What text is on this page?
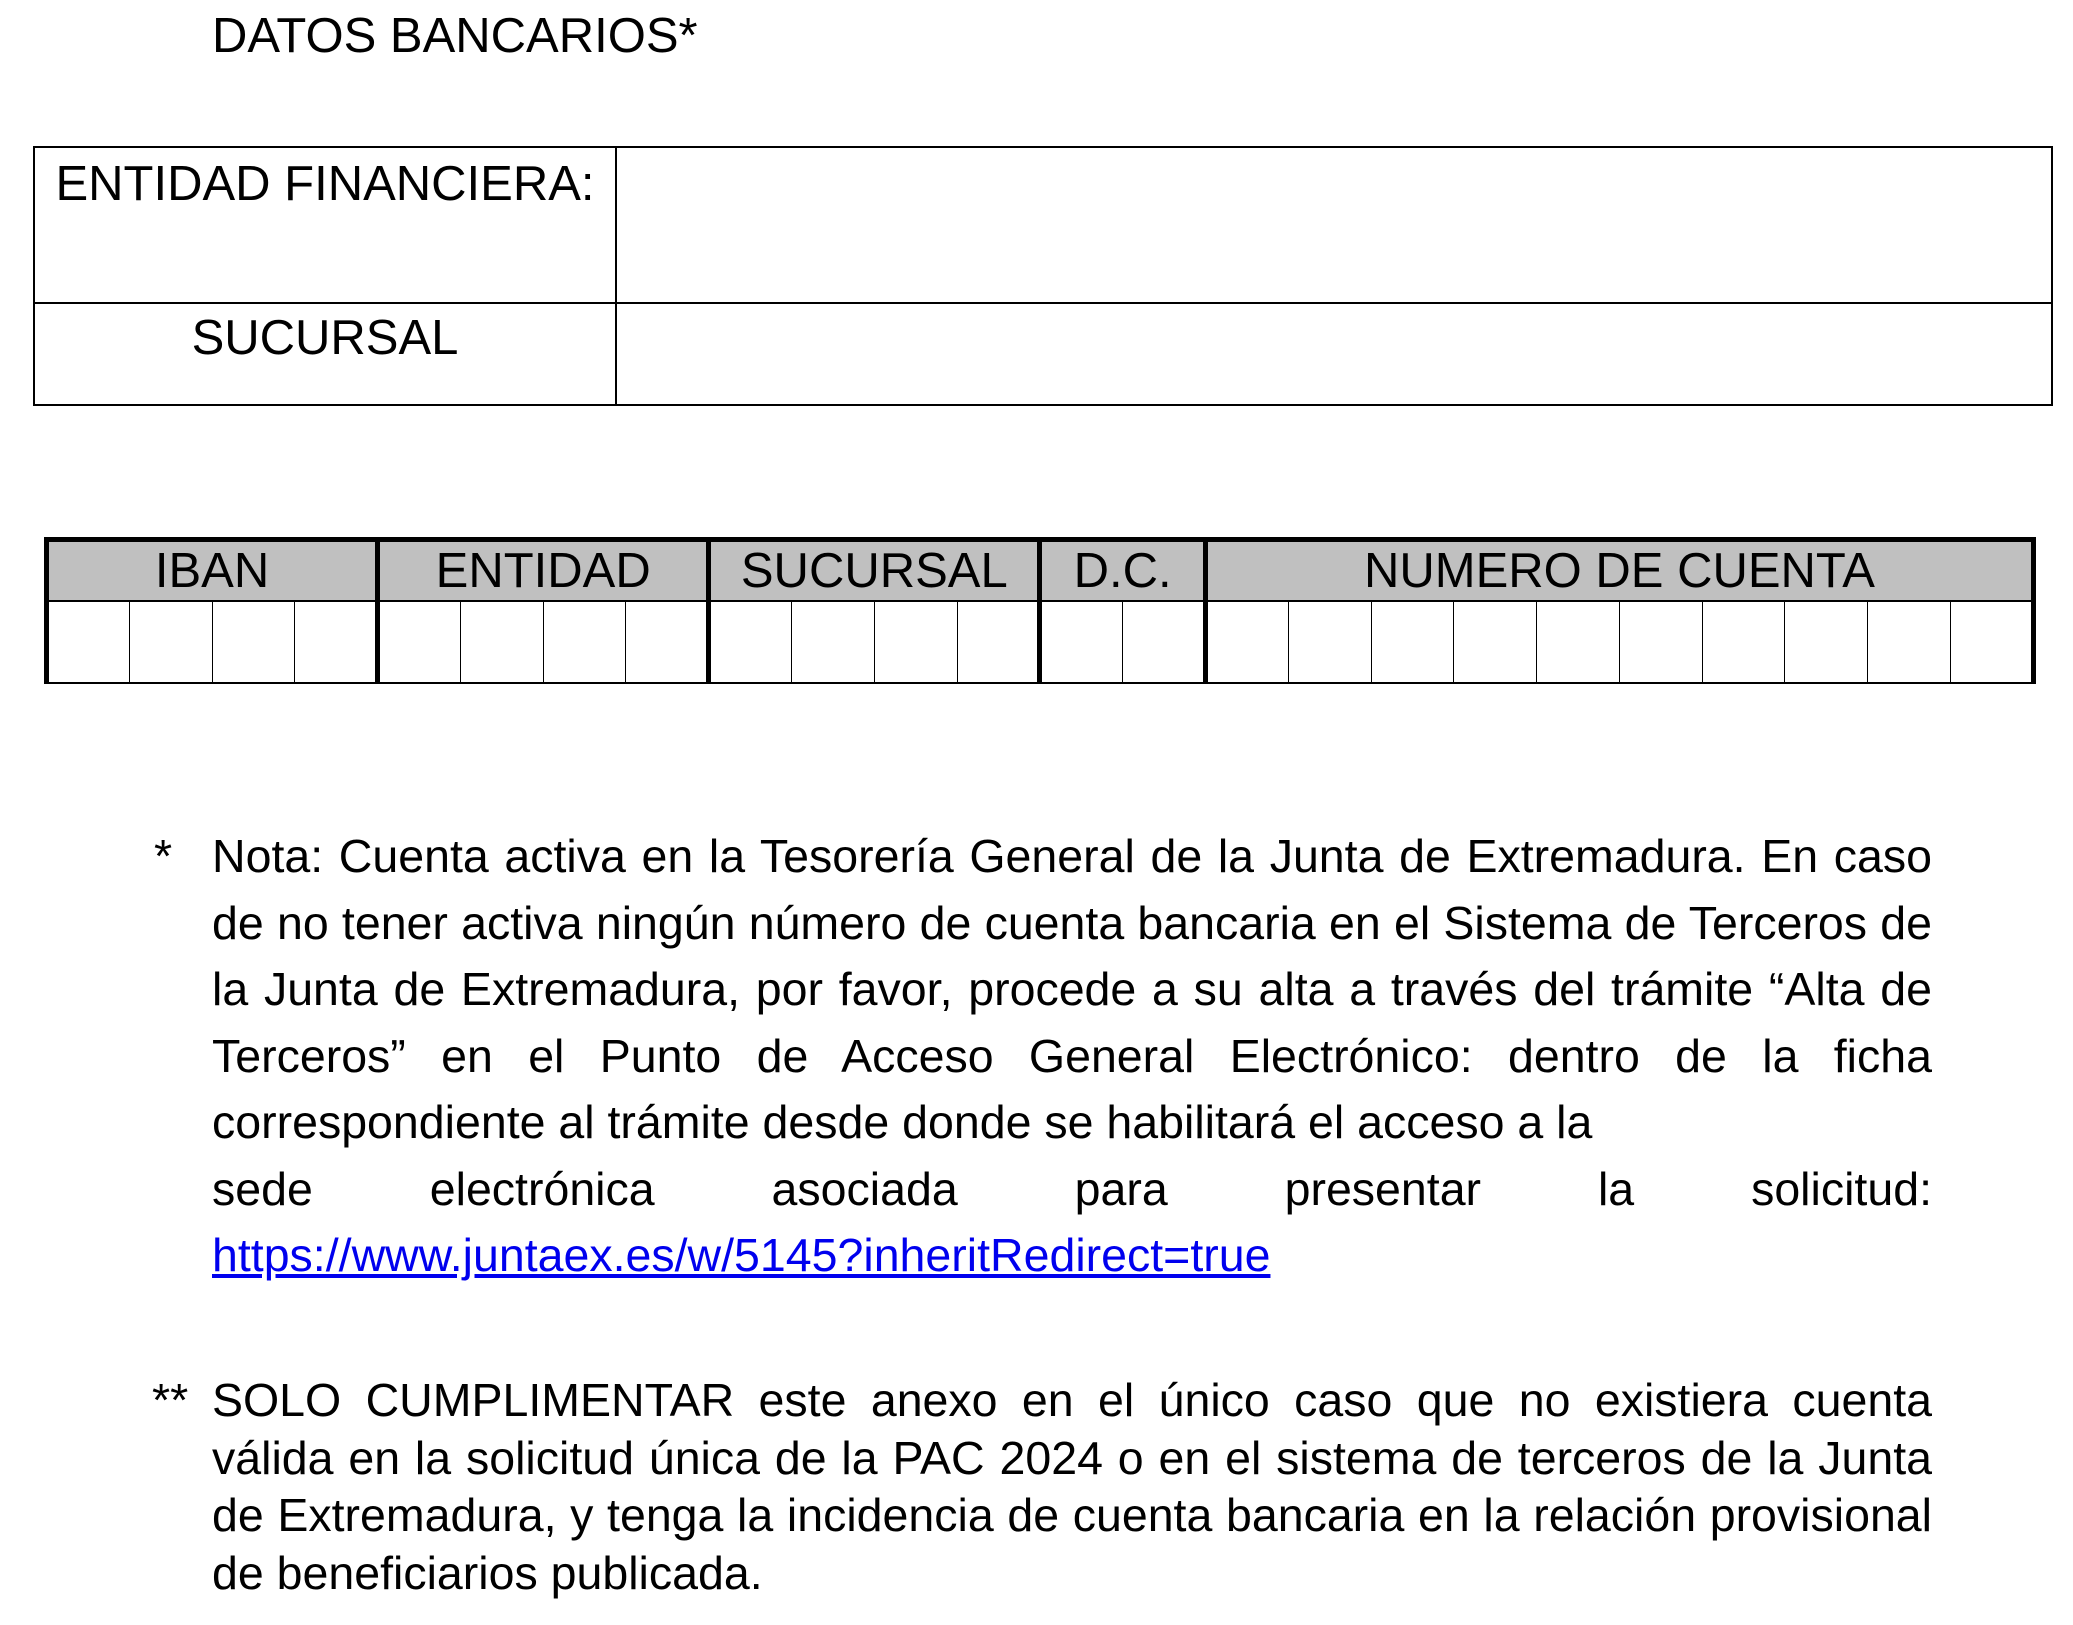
DATOS BANCARIOS*
ENTIDAD FINANCIERA:	
SUCURSAL	
IBAN				ENTIDAD				SUCURSAL				D.C.		NUMERO DE CUENTA									

* Nota: Cuenta activa en la Tesorería General de la Junta de Extremadura. En caso de no tener activa ningún número de cuenta bancaria en el Sistema de Terceros de la Junta de Extremadura, por favor, procede a su alta a través del trámite “Alta de Terceros” en el Punto de Acceso General Electrónico: dentro de la ficha correspondiente al trámite desde donde se habilitará el acceso a la
sede electrónica asociada para presentar la solicitud:
https://www.juntaex.es/w/5145?inheritRedirect=true
** SOLO CUMPLIMENTAR este anexo en el único caso que no existiera cuenta válida en la solicitud única de la PAC 2024 o en el sistema de terceros de la Junta de Extremadura, y tenga la incidencia de cuenta bancaria en la relación provisional de beneficiarios publicada.
